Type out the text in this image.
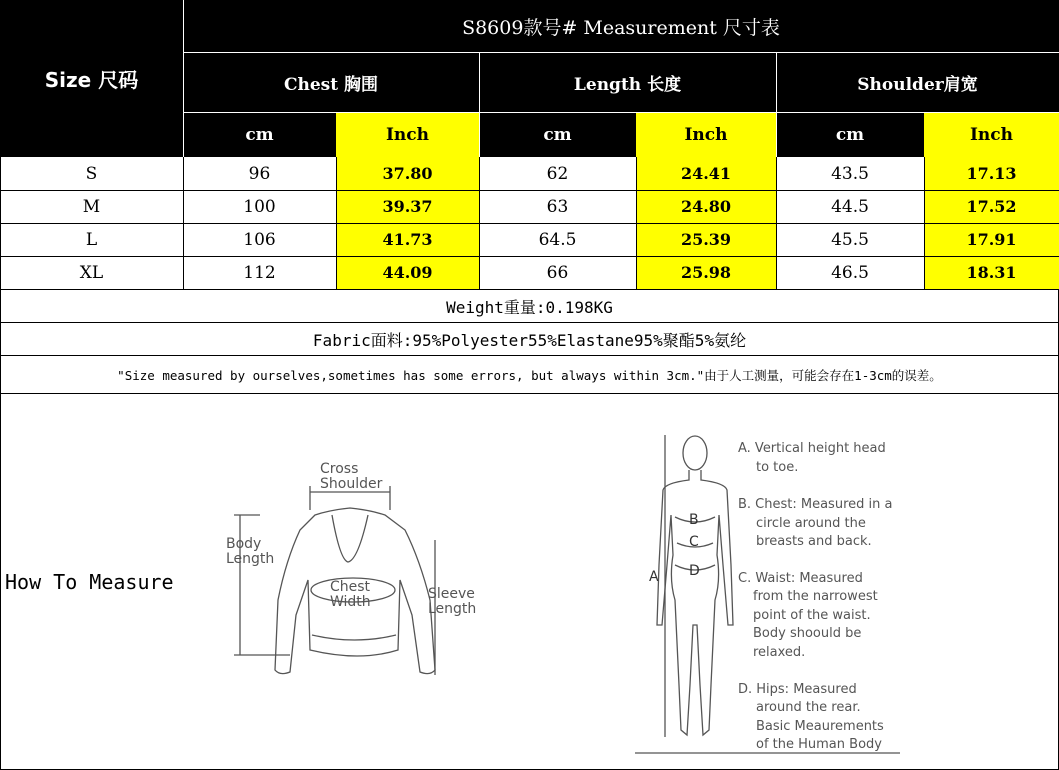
Size 尺码
S8609款号# Measurement 尺寸表
Chest 胸围	Length 长度	Shoulder肩宽
cm	Inch	cm	Inch	cm	Inch
S	96	37.80	62	24.41	43.5	17.13
M	100	39.37	63	24.80	44.5	17.52
L	106	41.73	64.5	25.39	45.5	17.91
XL	112	44.09	66	25.98	46.5	18.31
Weight重量:0.198KG
Fabric面料:95%Polyester55%Elastane95%聚酯5%氨纶
"Size measured by ourselves,sometimes has some errors, but always within 3cm."由于人工测量，可能会存在1-3cm的误差。
How To Measure
Cross
Shoulder
Body
Length
Chest
Width	Sleeve
Length
A
B
C
D
A. Vertical height head
to toe.
B. Chest: Measured in a
circle around the
breasts and back.
C. Waist: Measured
from the narrowest
point of the waist.
Body shoould be
relaxed.
D. Hips: Measured
around the rear.
Basic Meaurements
of the Human Body
